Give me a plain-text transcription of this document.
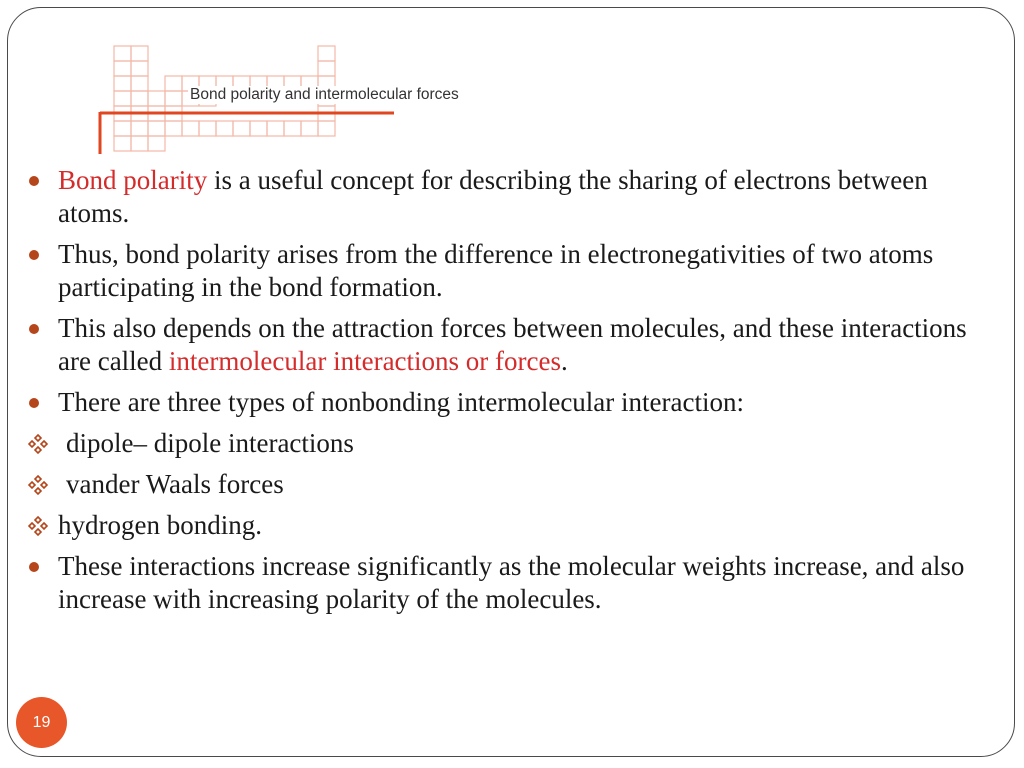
Bond polarity and intermolecular forces
Bond polarity is a useful concept for describing the sharing of electrons between atoms.
Thus, bond polarity arises from the difference in electronegativities of two atoms participating in the bond formation.
This also depends on the attraction forces between molecules, and these interactions are called intermolecular interactions or forces.
There are three types of nonbonding intermolecular interaction:
dipole– dipole interactions
vander Waals forces
hydrogen bonding.
These interactions increase significantly as the molecular weights increase, and also increase with increasing polarity of the molecules.
19
